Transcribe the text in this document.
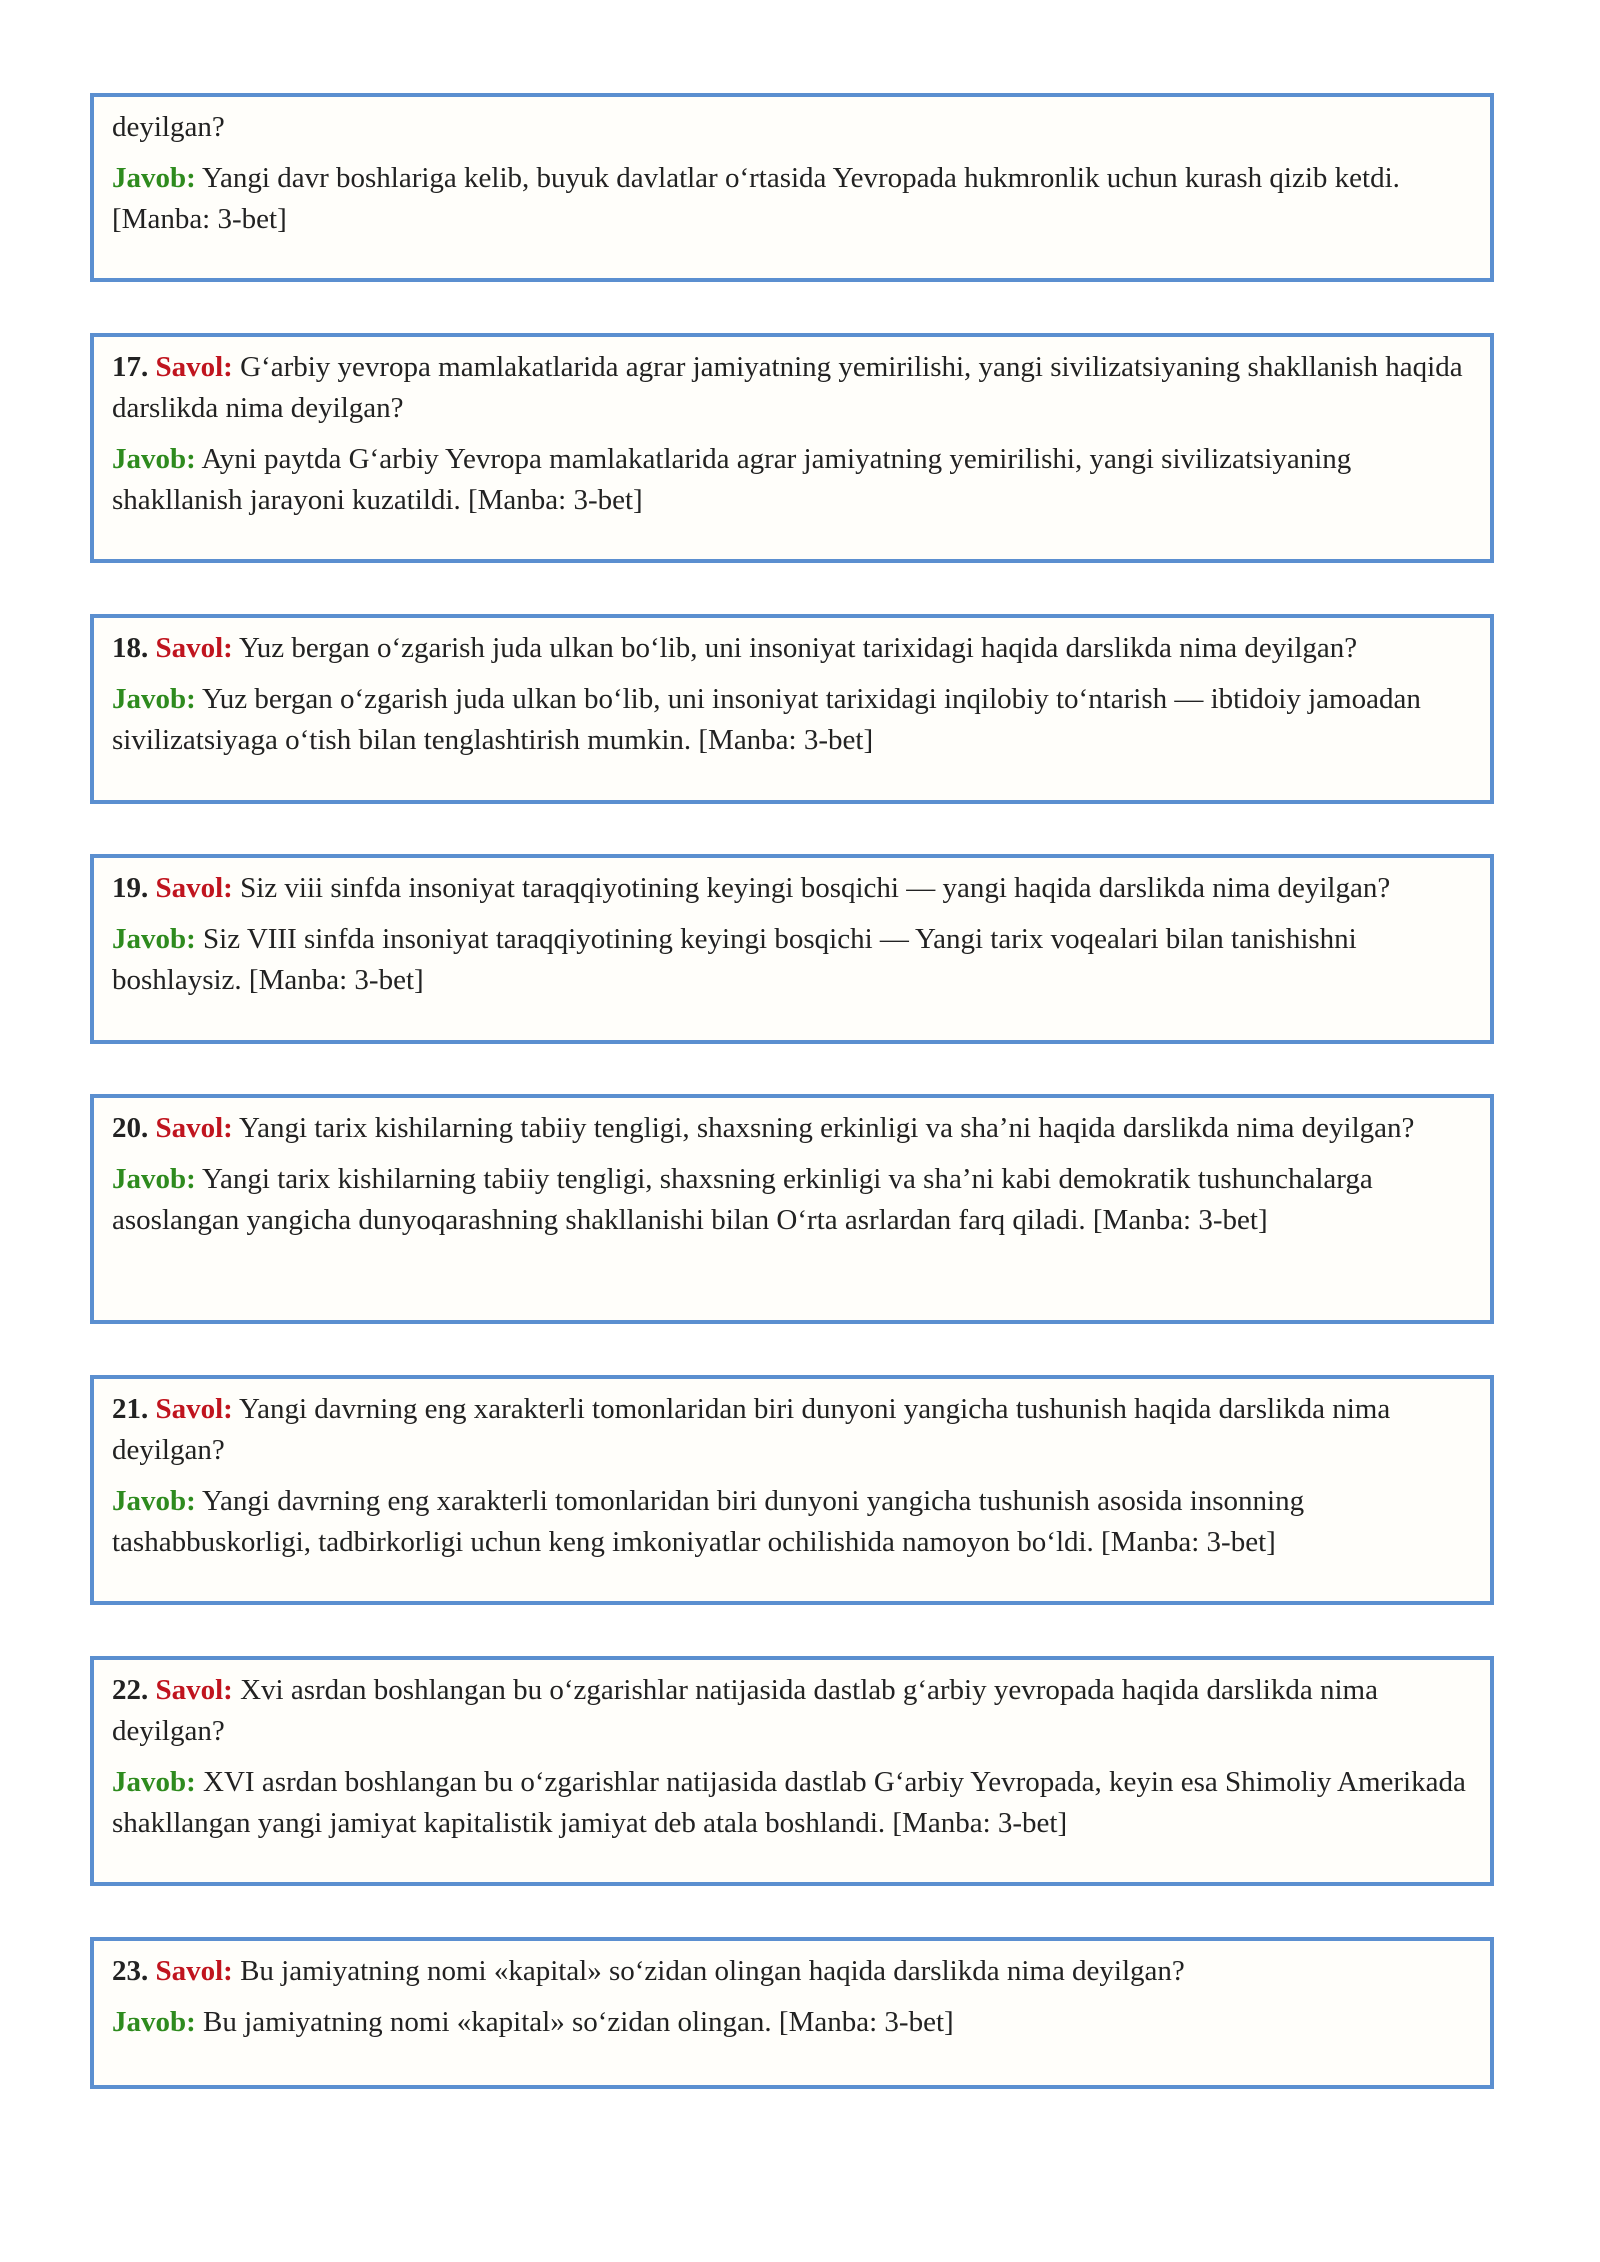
deyilgan?

Javob: Yangi davr boshlariga kelib, buyuk davlatlar o‘rtasida Yevropada hukmronlik uchun kurash qizib ketdi. [Manba: 3-bet]

17. Savol: G‘arbiy yevropa mamlakatlarida agrar jamiyatning yemirilishi, yangi sivilizatsiyaning shakllanish haqida darslikda nima deyilgan?

Javob: Ayni paytda G‘arbiy Yevropa mamlakatlarida agrar jamiyatning yemirilishi, yangi sivilizatsiyaning shakllanish jarayoni kuzatildi. [Manba: 3-bet]

18. Savol: Yuz bergan o‘zgarish juda ulkan bo‘lib, uni insoniyat tarixidagi haqida darslikda nima deyilgan?

Javob: Yuz bergan o‘zgarish juda ulkan bo‘lib, uni insoniyat tarixidagi inqilobiy to‘ntarish — ibtidoiy jamoadan sivilizatsiyaga o‘tish bilan tenglashtirish mumkin. [Manba: 3-bet]

19. Savol: Siz viii sinfda insoniyat taraqqiyotining keyingi bosqichi — yangi haqida darslikda nima deyilgan?

Javob: Siz VIII sinfda insoniyat taraqqiyotining keyingi bosqichi — Yangi tarix voqealari bilan tanishishni boshlaysiz. [Manba: 3-bet]

20. Savol: Yangi tarix kishilarning tabiiy tengligi, shaxsning erkinligi va sha’ni haqida darslikda nima deyilgan?

Javob: Yangi tarix kishilarning tabiiy tengligi, shaxsning erkinligi va sha’ni kabi demokratik tushunchalarga asoslangan yangicha dunyoqarashning shakllanishi bilan O‘rta asrlardan farq qiladi. [Manba: 3-bet]

21. Savol: Yangi davrning eng xarakterli tomonlaridan biri dunyoni yangicha tushunish haqida darslikda nima deyilgan?

Javob: Yangi davrning eng xarakterli tomonlaridan biri dunyoni yangicha tushunish asosida insonning tashabbuskorligi, tadbirkorligi uchun keng imkoniyatlar ochilishida namoyon bo‘ldi. [Manba: 3-bet]

22. Savol: Xvi asrdan boshlangan bu o‘zgarishlar natijasida dastlab g‘arbiy yevropada haqida darslikda nima deyilgan?

Javob: XVI asrdan boshlangan bu o‘zgarishlar natijasida dastlab G‘arbiy Yevropada, keyin esa Shimoliy Amerikada shakllangan yangi jamiyat kapitalistik jamiyat deb atala boshlandi. [Manba: 3-bet]

23. Savol: Bu jamiyatning nomi «kapital» so‘zidan olingan haqida darslikda nima deyilgan?

Javob: Bu jamiyatning nomi «kapital» so‘zidan olingan. [Manba: 3-bet]
